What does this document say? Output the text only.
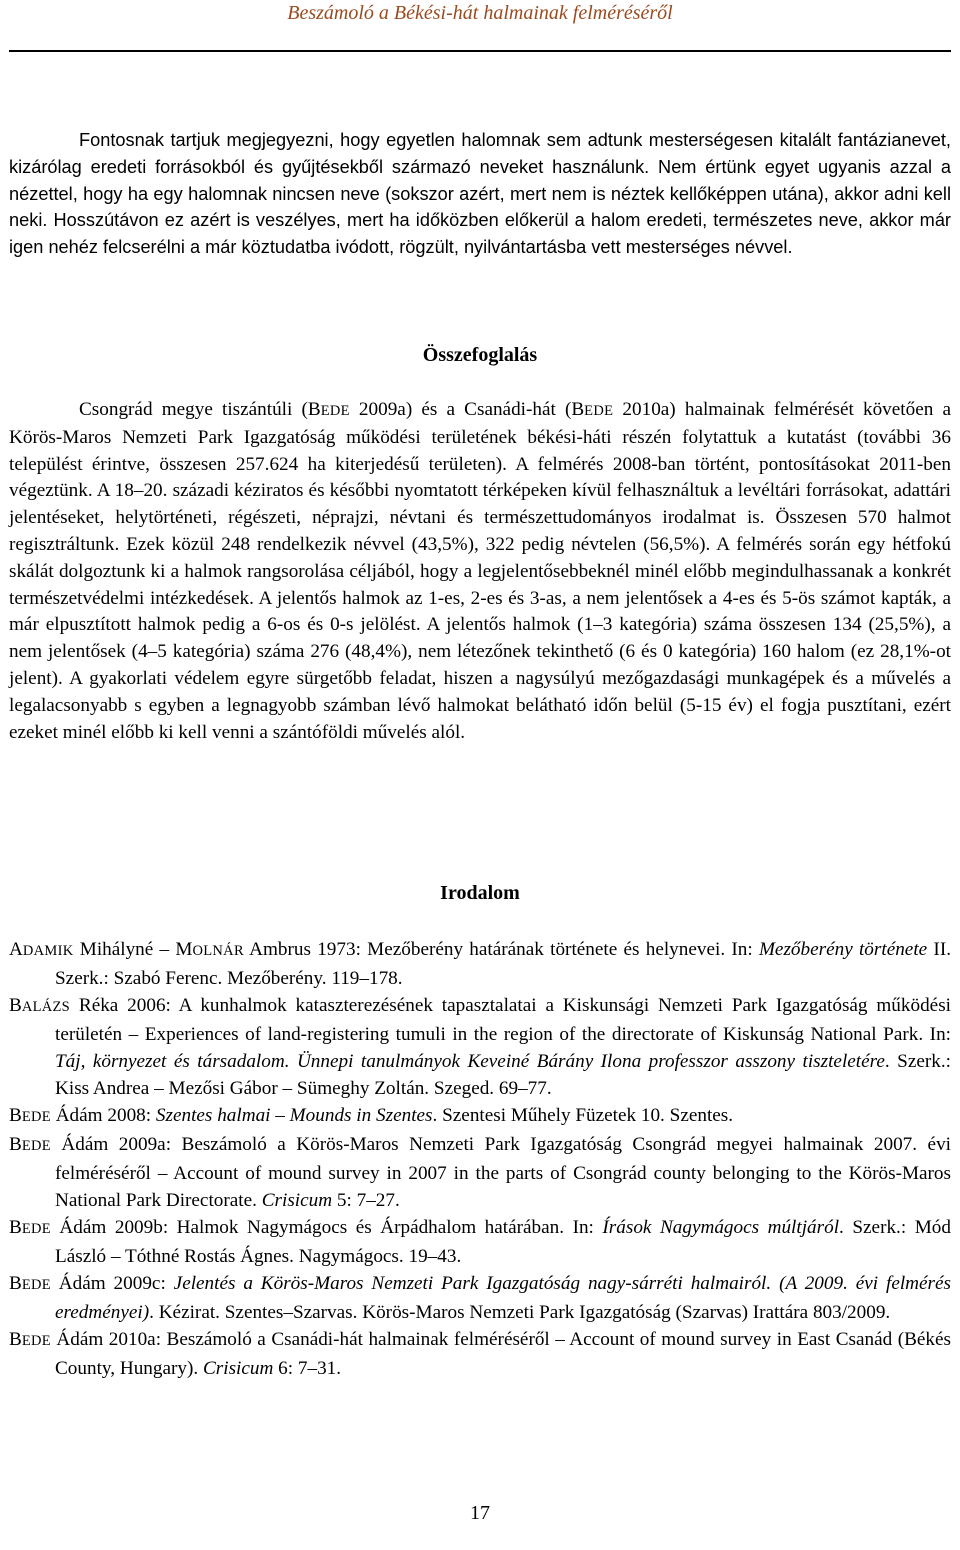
Beszámoló a Békési-hát halmainak felméréséről

Fontosnak tartjuk megjegyezni, hogy egyetlen halomnak sem adtunk mesterségesen kitalált fantázianevet, kizárólag eredeti forrásokból és gyűjtésekből származó neveket használunk. Nem értünk egyet ugyanis azzal a nézettel, hogy ha egy halomnak nincsen neve (sokszor azért, mert nem is néztek kellőképpen utána), akkor adni kell neki. Hosszútávon ez azért is veszélyes, mert ha időközben előkerül a halom eredeti, természetes neve, akkor már igen nehéz felcserélni a már köztudatba ivódott, rögzült, nyilvántartásba vett mesterséges névvel.

Összefoglalás

Csongrád megye tiszántúli (BEDE 2009a) és a Csanádi-hát (BEDE 2010a) halmainak felmérését követően a Körös-Maros Nemzeti Park Igazgatóság működési területének békési-háti részén folytattuk a kutatást (további 36 települést érintve, összesen 257.624 ha kiterjedésű területen). A felmérés 2008-ban történt, pontosításokat 2011-ben végeztünk. A 18–20. századi kéziratos és későbbi nyomtatott térképeken kívül felhasználtuk a levéltári forrásokat, adattári jelentéseket, helytörténeti, régészeti, néprajzi, névtani és természettudományos irodalmat is. Összesen 570 halmot regisztráltunk. Ezek közül 248 rendelkezik névvel (43,5%), 322 pedig névtelen (56,5%). A felmérés során egy hétfokú skálát dolgoztunk ki a halmok rangsorolása céljából, hogy a legjelentősebbeknél minél előbb megindulhassanak a konkrét természetvédelmi intézkedések. A jelentős halmok az 1-es, 2-es és 3-as, a nem jelentősek a 4-es és 5-ös számot kapták, a már elpusztított halmok pedig a 6-os és 0-s jelölést. A jelentős halmok (1–3 kategória) száma összesen 134 (25,5%), a nem jelentősek (4–5 kategória) száma 276 (48,4%), nem létezőnek tekinthető (6 és 0 kategória) 160 halom (ez 28,1%-ot jelent). A gyakorlati védelem egyre sürgetőbb feladat, hiszen a nagysúlyú mezőgazdasági munkagépek és a művelés a legalacsonyabb s egyben a legnagyobb számban lévő halmokat belátható időn belül (5-15 év) el fogja pusztítani, ezért ezeket minél előbb ki kell venni a szántóföldi művelés alól.

Irodalom

ADAMIK Mihályné – MOLNÁR Ambrus 1973: Mezőberény határának története és helynevei. In: Mezőberény története II. Szerk.: Szabó Ferenc. Mezőberény. 119–178.

BALÁZS Réka 2006: A kunhalmok kataszterezésének tapasztalatai a Kiskunsági Nemzeti Park Igazgatóság működési területén – Experiences of land-registering tumuli in the region of the directorate of Kiskunság National Park. In: Táj, környezet és társadalom. Ünnepi tanulmányok Keveiné Bárány Ilona professzor asszony tiszteletére. Szerk.: Kiss Andrea – Mezősi Gábor – Sümeghy Zoltán. Szeged. 69–77.

BEDE Ádám 2008: Szentes halmai – Mounds in Szentes. Szentesi Műhely Füzetek 10. Szentes.

BEDE Ádám 2009a: Beszámoló a Körös-Maros Nemzeti Park Igazgatóság Csongrád megyei halmainak 2007. évi felméréséről – Account of mound survey in 2007 in the parts of Csongrád county belonging to the Körös-Maros National Park Directorate. Crisicum 5: 7–27.

BEDE Ádám 2009b: Halmok Nagymágocs és Árpádhalom határában. In: Írások Nagymágocs múltjáról. Szerk.: Mód László – Tóthné Rostás Ágnes. Nagymágocs. 19–43.

BEDE Ádám 2009c: Jelentés a Körös-Maros Nemzeti Park Igazgatóság nagy-sárréti halmairól. (A 2009. évi felmérés eredményei). Kézirat. Szentes–Szarvas. Körös-Maros Nemzeti Park Igazgatóság (Szarvas) Irattára 803/2009.

BEDE Ádám 2010a: Beszámoló a Csanádi-hát halmainak felméréséről – Account of mound survey in East Csanád (Békés County, Hungary). Crisicum 6: 7–31.

17
